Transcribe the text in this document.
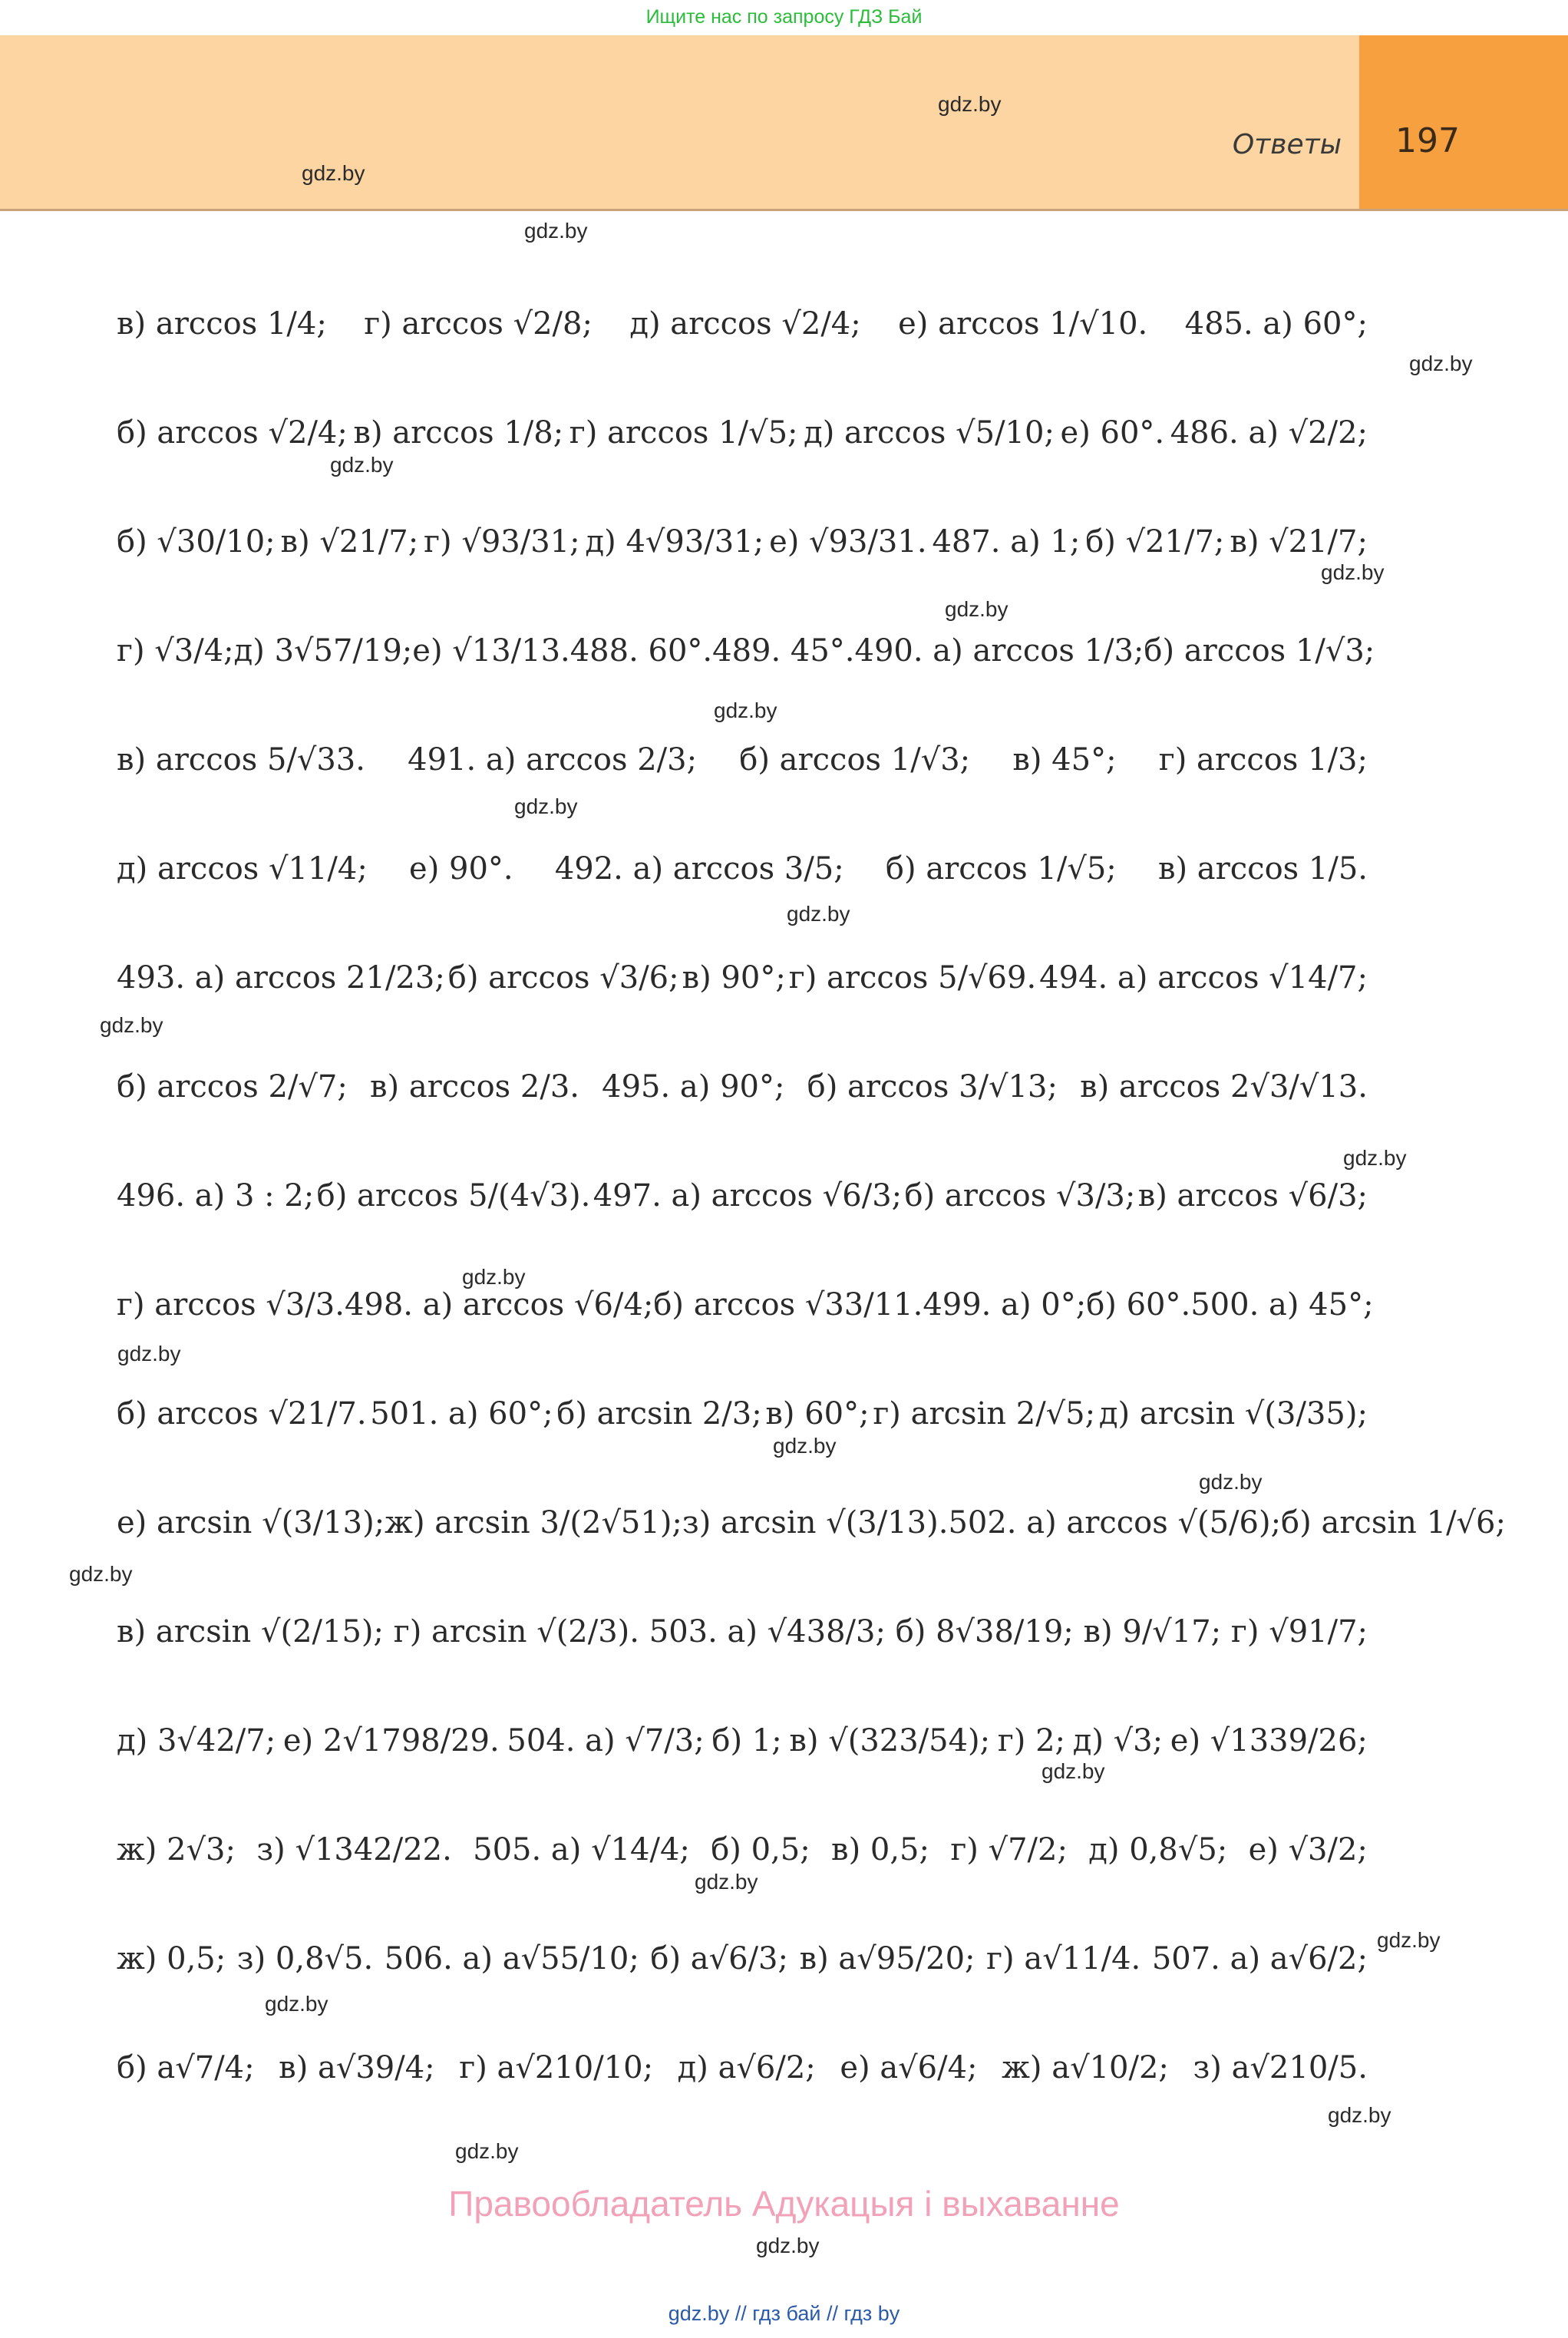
Ищите нас по запросу ГДЗ Бай
Ответы 197
gdz.by
gdz.by
gdz.by
gdz.by
gdz.by
gdz.by
gdz.by
gdz.by
gdz.by
gdz.by
gdz.by
gdz.by
gdz.by
gdz.by
gdz.by
gdz.by
gdz.by
gdz.by
gdz.by
gdz.by
gdz.by
gdz.by
gdz.by
gdz.by
в) arccos 1/4; г) arccos √2/8; д) arccos √2/4; е) arccos 1/√10. 485. а) 60°;
б) arccos √2/4; в) arccos 1/8; г) arccos 1/√5; д) arccos √5/10; е) 60°. 486. а) √2/2;
б) √30/10; в) √21/7; г) √93/31; д) 4√93/31; е) √93/31. 487. а) 1; б) √21/7; в) √21/7;
г) √3/4; д) 3√57/19; е) √13/13. 488. 60°. 489. 45°. 490. а) arccos 1/3; б) arccos 1/√3;
в) arccos 5/√33. 491. а) arccos 2/3; б) arccos 1/√3; в) 45°; г) arccos 1/3;
д) arccos √11/4; е) 90°. 492. а) arccos 3/5; б) arccos 1/√5; в) arccos 1/5.
493. а) arccos 21/23; б) arccos √3/6; в) 90°; г) arccos 5/√69. 494. а) arccos √14/7;
б) arccos 2/√7; в) arccos 2/3. 495. а) 90°; б) arccos 3/√13; в) arccos 2√3/√13.
496. а) 3 : 2; б) arccos 5/(4√3). 497. а) arccos √6/3; б) arccos √3/3; в) arccos √6/3;
г) arccos √3/3. 498. а) arccos √6/4; б) arccos √33/11. 499. а) 0°; б) 60°. 500. а) 45°;
б) arccos √21/7. 501. а) 60°; б) arcsin 2/3; в) 60°; г) arcsin 2/√5; д) arcsin √(3/35);
е) arcsin √(3/13); ж) arcsin 3/(2√51); з) arcsin √(3/13). 502. а) arccos √(5/6); б) arcsin 1/√6;
в) arcsin √(2/15); г) arcsin √(2/3). 503. а) √438/3; б) 8√38/19; в) 9/√17; г) √91/7;
д) 3√42/7; е) 2√1798/29. 504. а) √7/3; б) 1; в) √(323/54); г) 2; д) √3; е) √1339/26;
ж) 2√3; з) √1342/22. 505. а) √14/4; б) 0,5; в) 0,5; г) √7/2; д) 0,8√5; е) √3/2;
ж) 0,5; з) 0,8√5. 506. а) a√55/10; б) a√6/3; в) a√95/20; г) a√11/4. 507. а) a√6/2;
б) a√7/4; в) a√39/4; г) a√210/10; д) a√6/2; е) a√6/4; ж) a√10/2; з) a√210/5.
Правообладатель Адукацыя і выхаванне
gdz.by // гдз бай // гдз by
